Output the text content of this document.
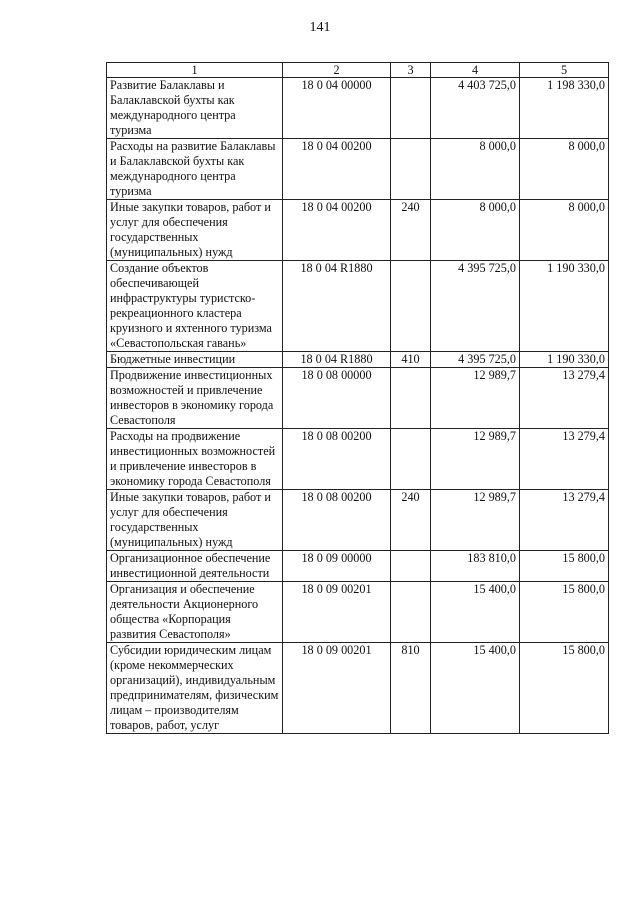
141
1	2	3	4	5
Развитие Балаклавы и Балаклавской бухты как международного центра туризма	18 0 04 00000		4 403 725,0	1 198 330,0
Расходы на развитие Балаклавы и Балаклавской бухты как международного центра туризма	18 0 04 00200		8 000,0	8 000,0
Иные закупки товаров, работ и услуг для обеспечения государственных (муниципальных) нужд	18 0 04 00200	240	8 000,0	8 000,0
Создание объектов обеспечивающей инфраструктуры туристско-рекреационного кластера круизного и яхтенного туризма «Севастопольская гавань»	18 0 04 R1880		4 395 725,0	1 190 330,0
Бюджетные инвестиции	18 0 04 R1880	410	4 395 725,0	1 190 330,0
Продвижение инвестиционных возможностей и привлечение инвесторов в экономику города Севастополя	18 0 08 00000		12 989,7	13 279,4
Расходы на продвижение инвестиционных возможностей и привлечение инвесторов в экономику города Севастополя	18 0 08 00200		12 989,7	13 279,4
Иные закупки товаров, работ и услуг для обеспечения государственных (муниципальных) нужд	18 0 08 00200	240	12 989,7	13 279,4
Организационное обеспечение инвестиционной деятельности	18 0 09 00000		183 810,0	15 800,0
Организация и обеспечение деятельности Акционерного общества «Корпорация развития Севастополя»	18 0 09 00201		15 400,0	15 800,0
Субсидии юридическим лицам (кроме некоммерческих организаций), индивидуальным предпринимателям, физическим лицам – производителям товаров, работ, услуг	18 0 09 00201	810	15 400,0	15 800,0
